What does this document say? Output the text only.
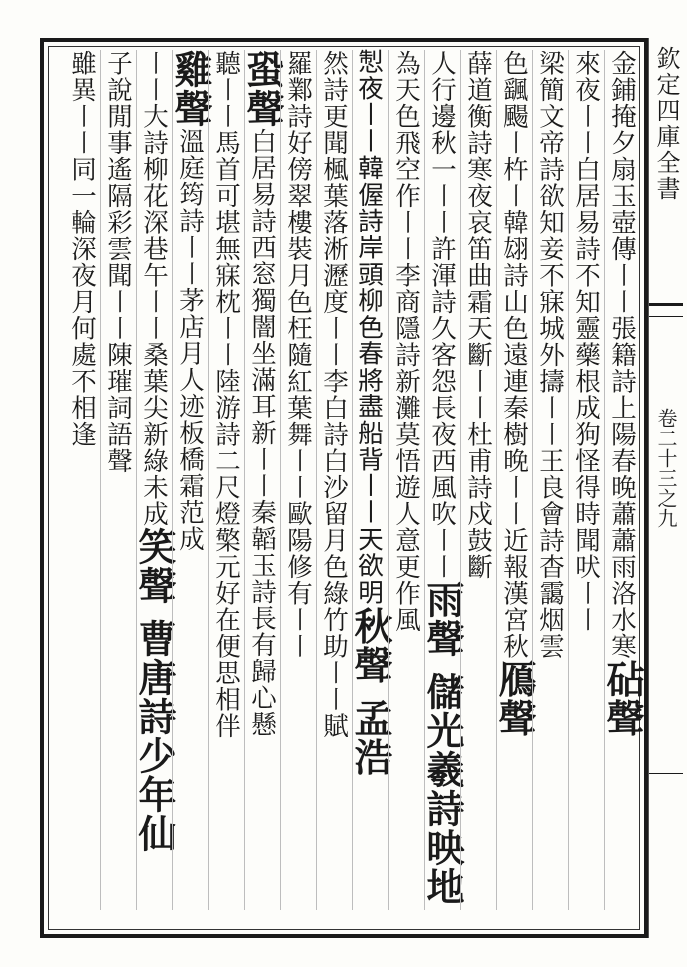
欽定四庫全書
卷二十三之九
金鋪掩夕扇玉壺傳〡〡張籍詩上陽春晚蕭蕭雨洛水寒砧聲
來夜〡〡白居易詩不知靈藥根成狗怪得時聞吠〡〡
梁簡文帝詩欲知妾不寐城外擣〡〡王良會詩杳靄烟雲
色颻颺〡杵〡韓翃詩山色遠連秦樹晚〡〡近報漢宮秋鴈聲
薛道衡詩寒夜哀笛曲霜天斷〡〡杜甫詩戍鼓斷
人行邊秋一〡〡許渾詩久客怨長夜西風吹〡〡雨聲 儲光羲詩映地
為天色飛空作〡〡李商隱詩新灘莫悟遊人意更作風
𢛁夜〡〡韓偓詩岸頭柳色春將盡船背〡〡天欲明秋聲 孟浩
然詩更聞楓葉落淅瀝度〡〡李白詩白沙留月色綠竹助〡〡賦
羅鄴詩好傍翠樓裝月色枉隨紅葉舞〡〡歐陽修有〡〡
蛩聲白居易詩西窓獨闇坐滿耳新〡〡秦韜玉詩長有歸心懸
聽〡〡馬首可堪無寐枕〡〡陸游詩二尺燈檠元好在便思相伴
雞聲溫庭筠詩〡〡茅店月人迹板橋霜范成
〡〡大詩柳花深巷午〡〡桑葉尖新綠未成笑聲 曹唐詩少年仙
子說閒事遙隔彩雲聞〡〡陳璀詞語聲
雖異〡〡同一輪深夜月何處不相逢
